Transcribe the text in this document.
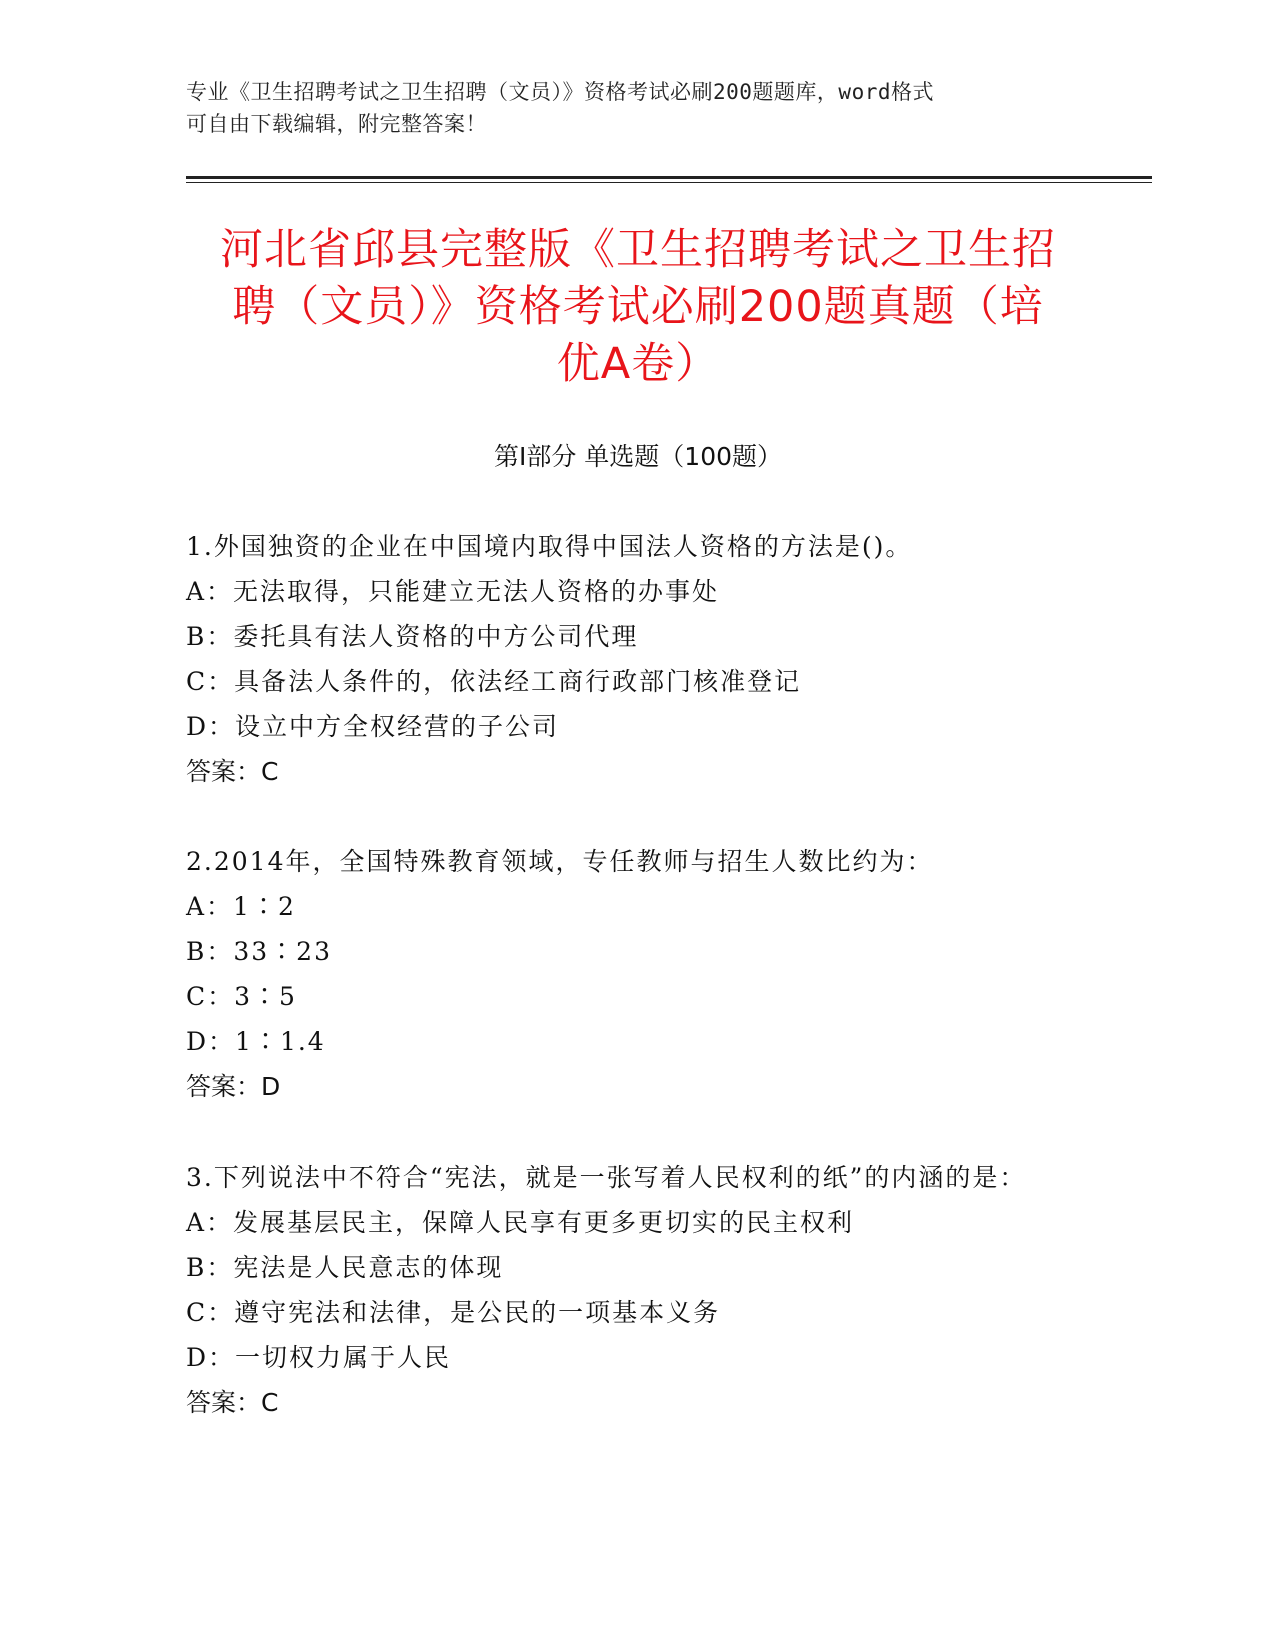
专业《卫生招聘考试之卫生招聘（文员）》资格考试必刷200题题库，word格式
可自由下载编辑，附完整答案！
河北省邱县完整版《卫生招聘考试之卫生招
聘（文员）》资格考试必刷200题真题（培
优A卷）
第Ⅰ部分 单选题（100题）
1.外国独资的企业在中国境内取得中国法人资格的方法是()。
A：无法取得，只能建立无法人资格的办事处
B：委托具有法人资格的中方公司代理
C：具备法人条件的，依法经工商行政部门核准登记
D：设立中方全权经营的子公司
答案：C
2.2014年，全国特殊教育领域，专任教师与招生人数比约为：
A：1∶2
B：33∶23
C：3∶5
D：1∶1.4
答案：D
3.下列说法中不符合“宪法，就是一张写着人民权利的纸”的内涵的是：
A：发展基层民主，保障人民享有更多更切实的民主权利
B：宪法是人民意志的体现
C：遵守宪法和法律，是公民的一项基本义务
D：一切权力属于人民
答案：C
